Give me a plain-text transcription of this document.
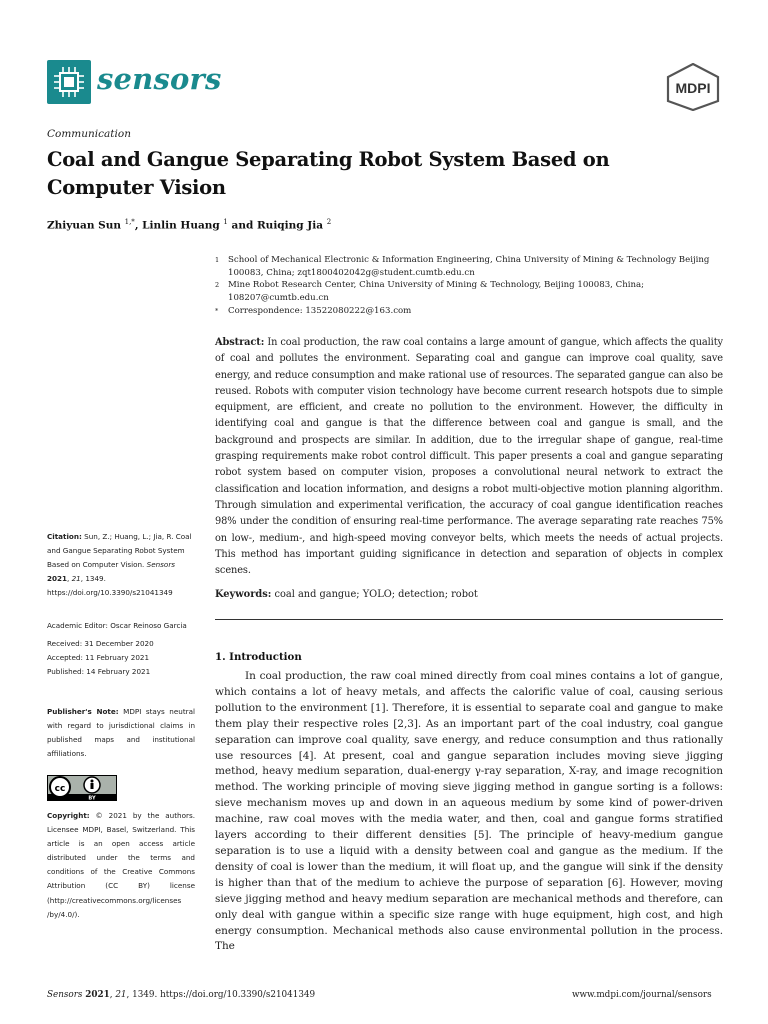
sensors	MDPI
Communication
Coal and Gangue Separating Robot System Based on Computer Vision
Zhiyuan Sun $^{1,*}$, Linlin Huang $^1$ and Ruiqing Jia $^2$
1 School of Mechanical Electronic & Information Engineering, China University of Mining & Technology Beijing 100083, China; zqt1800402042g@student.cumtb.edu.cn
2 Mine Robot Research Center, China University of Mining & Technology, Beijing 100083, China; 108207@cumtb.edu.cn
* Correspondence: 13522080222@163.com
Abstract: In coal production, the raw coal contains a large amount of gangue, which affects the quality of coal and pollutes the environment. Separating coal and gangue can improve coal quality, save energy, and reduce consumption and make rational use of resources. The separated gangue can also be reused. Robots with computer vision technology have become current research hotspots due to simple equipment, are efficient, and create no pollution to the environment. However, the difficulty in identifying coal and gangue is that the difference between coal and gangue is small, and the background and prospects are similar. In addition, due to the irregular shape of gangue, real-time grasping requirements make robot control difficult. This paper presents a coal and gangue separating robot system based on computer vision, proposes a convolutional neural network to extract the classification and location information, and designs a robot multi-objective motion planning algorithm. Through simulation and experimental verification, the accuracy of coal gangue identification reaches 98% under the condition of ensuring real-time performance. The average separating rate reaches 75% on low-, medium-, and high-speed moving conveyor belts, which meets the needs of actual projects. This method has important guiding significance in detection and separation of objects in complex scenes.
Keywords: coal and gangue; YOLO; detection; robot
1. Introduction
In coal production, the raw coal mined directly from coal mines contains a lot of gangue, which contains a lot of heavy metals, and affects the calorific value of coal, causing serious pollution to the environment [1]. Therefore, it is essential to separate coal and gangue to make them play their respective roles [2,3]. As an important part of the coal industry, coal gangue separation can improve coal quality, save energy, and reduce consumption and thus rationally use resources [4]. At present, coal and gangue separation includes moving sieve jigging method, heavy medium separation, dual-energy γ-ray separation, X-ray, and image recognition method. The working principle of moving sieve jigging method in gangue sorting is a follows: sieve mechanism moves up and down in an aqueous medium by some kind of power-driven machine, raw coal moves with the media water, and then, coal and gangue forms stratified layers according to their different densities [5]. The principle of heavy-medium gangue separation is to use a liquid with a density between coal and gangue as the medium. If the density of coal is lower than the medium, it will float up, and the gangue will sink if the density is higher than that of the medium to achieve the purpose of separation [6]. However, moving sieve jigging method and heavy medium separation are mechanical methods and therefore, can only deal with gangue within a specific size range with huge equipment, high cost, and high energy consumption. Mechanical methods also cause environmental pollution in the process. The
Citation: Sun, Z.; Huang, L.; Jia, R. Coal and Gangue Separating Robot System Based on Computer Vision. Sensors 2021, 21, 1349. https://doi.org/10.3390/s21041349
Academic Editor: Oscar Reinoso Garcia
Received: 31 December 2020
Accepted: 11 February 2021
Published: 14 February 2021
Publisher's Note: MDPI stays neutral with regard to jurisdictional claims in published maps and institutional affiliations.
cc
BY
Copyright: © 2021 by the authors. Licensee MDPI, Basel, Switzerland. This article is an open access article distributed under the terms and conditions of the Creative Commons Attribution (CC BY) license (http://creativecommons.org/licenses /by/4.0/).
Sensors 2021, 21, 1349. https://doi.org/10.3390/s21041349	www.mdpi.com/journal/sensors
